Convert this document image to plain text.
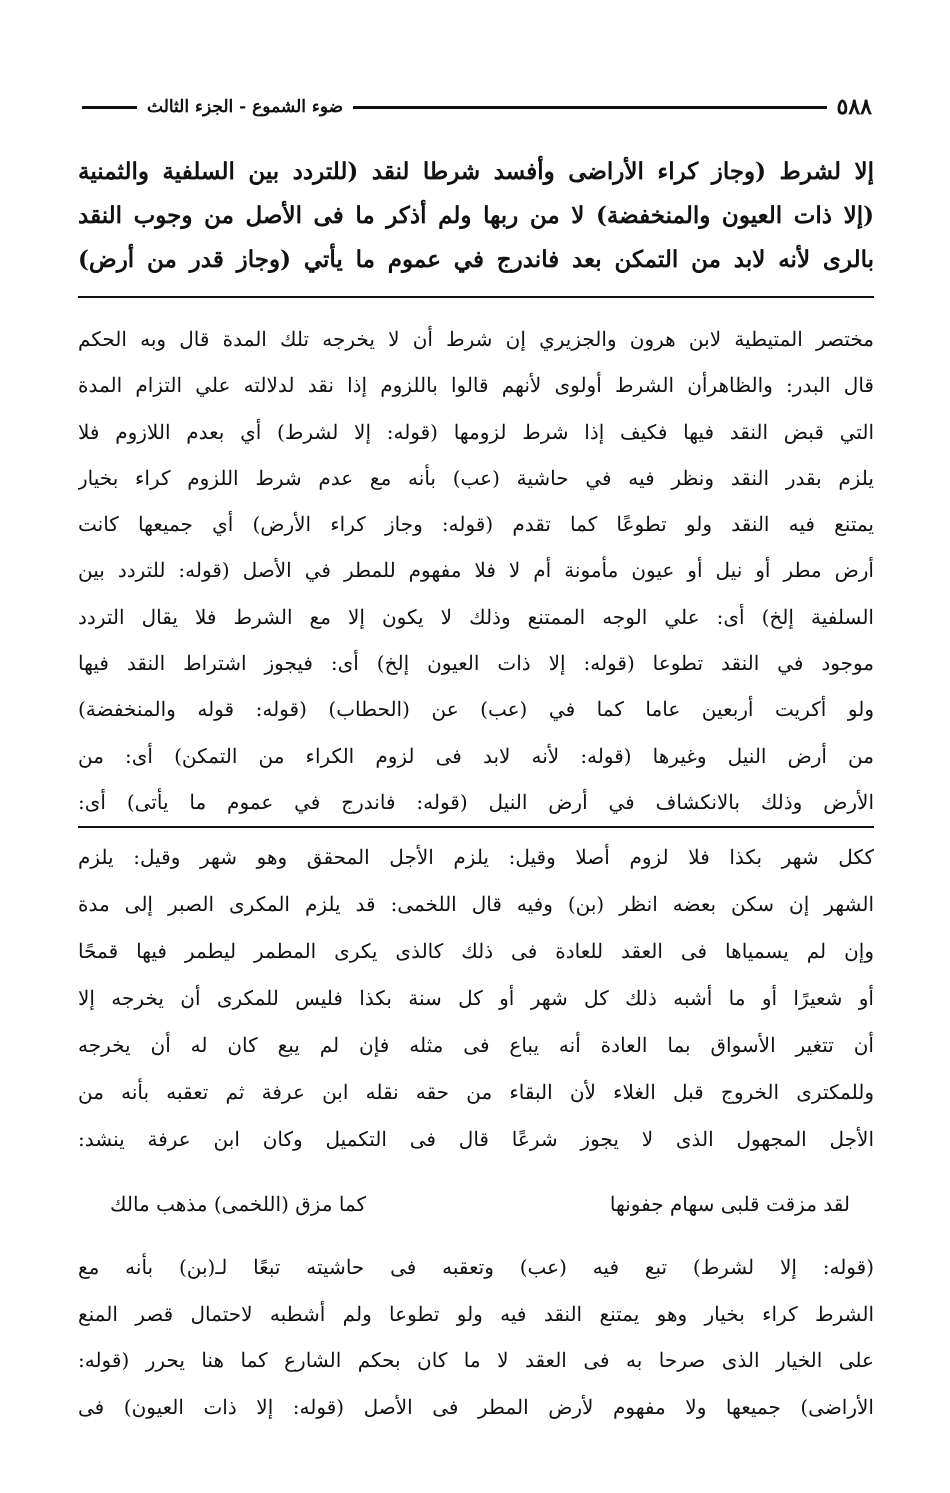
٥٨٨
ضوء الشموع - الجزء الثالث
إلا لشرط (وجاز كراء الأراضى وأفسد شرطا لنقد (للتردد بين السلفية والثمنية
(إلا ذات العيون والمنخفضة) لا من ربها ولم أذكر ما فى الأصل من وجوب النقد
بالرى لأنه لابد من التمكن بعد فاندرج في عموم ما يأتي (وجاز قدر من أرض)
مختصر المتيطية لابن هرون والجزيري إن شرط أن لا يخرجه تلك المدة قال وبه الحكم
قال البدر: والظاهرأن الشرط أولوى لأنهم قالوا باللزوم إذا نقد لدلالته علي التزام المدة
التي قبض النقد فيها فكيف إذا شرط لزومها (قوله: إلا لشرط) أي بعدم اللازوم فلا
يلزم بقدر النقد ونظر فيه في حاشية (عب) بأنه مع عدم شرط اللزوم كراء بخيار
يمتنع فيه النقد ولو تطوعًا كما تقدم (قوله: وجاز كراء الأرض) أي جميعها كانت
أرض مطر أو نيل أو عيون مأمونة أم لا فلا مفهوم للمطر في الأصل (قوله: للتردد بين
السلفية إلخ) أى: علي الوجه الممتنع وذلك لا يكون إلا مع الشرط فلا يقال التردد
موجود في النقد تطوعا (قوله: إلا ذات العيون إلخ) أى: فيجوز اشتراط النقد فيها
ولو أكريت أربعين عاما كما في (عب) عن (الحطاب) (قوله: قوله والمنخفضة)
من أرض النيل وغيرها (قوله: لأنه لابد فى لزوم الكراء من التمكن) أى: من
الأرض وذلك بالانكشاف في أرض النيل (قوله: فاندرج في عموم ما يأتى) أى:
ككل شهر بكذا فلا لزوم أصلا وقيل: يلزم الأجل المحقق وهو شهر وقيل: يلزم
الشهر إن سكن بعضه انظر (بن) وفيه قال اللخمى: قد يلزم المكرى الصبر إلى مدة
وإن لم يسمياها فى العقد للعادة فى ذلك كالذى يكرى المطمر ليطمر فيها قمحًا
أو شعيرًا أو ما أشبه ذلك كل شهر أو كل سنة بكذا فليس للمكرى أن يخرجه إلا
أن تتغير الأسواق بما العادة أنه يباع فى مثله فإن لم يبع كان له أن يخرجه
وللمكترى الخروج قبل الغلاء لأن البقاء من حقه نقله ابن عرفة ثم تعقبه بأنه من
الأجل المجهول الذى لا يجوز شرعًا قال فى التكميل وكان ابن عرفة ينشد:
لقد مزقت قلبى سهام جفونها
كما مزق (اللخمى) مذهب مالك
(قوله: إلا لشرط) تبع فيه (عب) وتعقبه فى حاشيته تبعًا لـ(بن) بأنه مع
الشرط كراء بخيار وهو يمتنع النقد فيه ولو تطوعا ولم أشطبه لاحتمال قصر المنع
على الخيار الذى صرحا به فى العقد لا ما كان بحكم الشارع كما هنا يحرر (قوله:
الأراضى) جميعها ولا مفهوم لأرض المطر فى الأصل (قوله: إلا ذات العيون) فى
